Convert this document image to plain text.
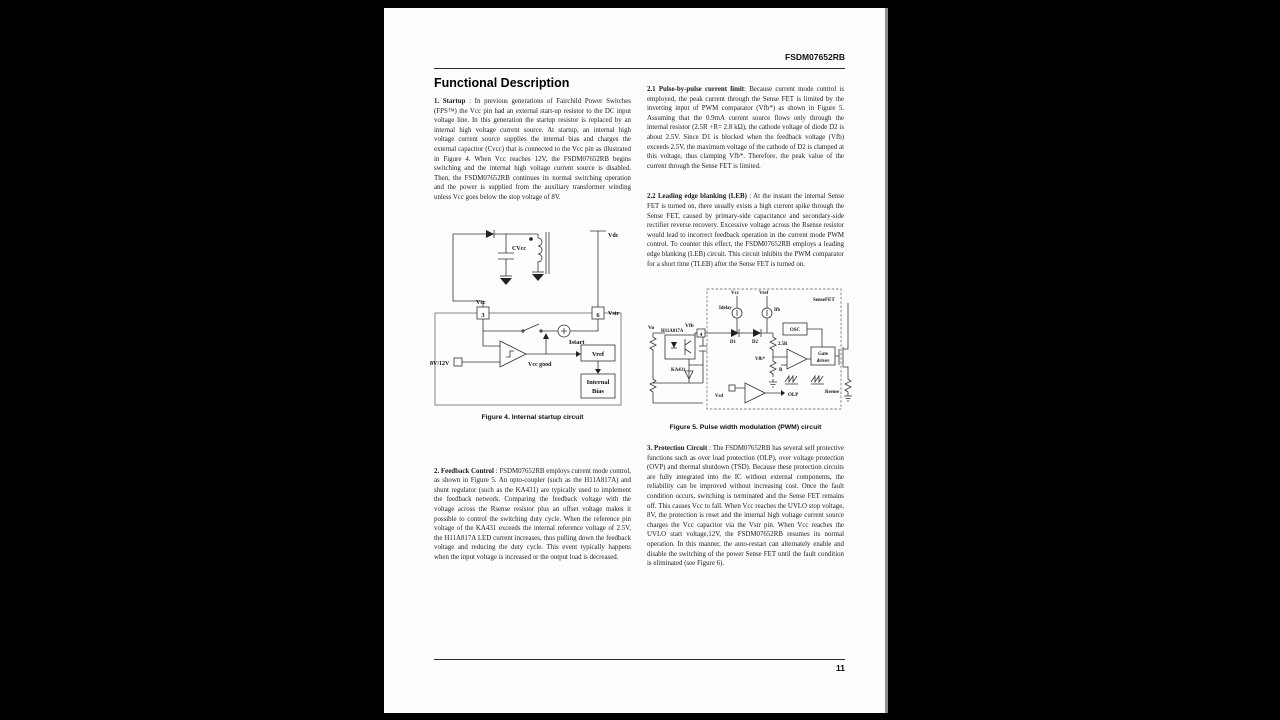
FSDM07652RB
Functional Description

1. Startup : In previous generations of Fairchild Power Switches (FPS™) the Vcc pin had an external start-up resistor to the DC input voltage line. In this generation the startup resistor is replaced by an internal high voltage current source. At startup, an internal high voltage current source supplies the internal bias and charges the external capacitor (Cvcc) that is connected to the Vcc pin as illustrated in Figure 4. When Vcc reaches 12V, the FSDM07652RB begins switching and the internal high voltage current source is disabled. Then, the FSDM07652RB continues its normal switching operation and the power is supplied from the auxiliary transformer winding unless Vcc goes below the stop voltage of 8V.

CVcc
Vdc
3	6
Vcc
Vstr
Istart
8V/12V	Vcc good
Vref
Internal
Bias
Figure 4. Internal startup circuit

2. Feedback Control : FSDM07652RB employs current mode control, as shown in Figure 5. An opto-coupler (such as the H11A817A) and shunt regulator (such as the KA431) are typically used to implement the feedback network. Comparing the feedback voltage with the voltage across the Rsense resistor plus an offset voltage makes it possible to control the switching duty cycle. When the reference pin voltage of the KA431 exceeds the internal reference voltage of 2.5V, the H11A817A LED current increases, thus pulling down the feedback voltage and reducing the duty cycle. This event typically happens when the input voltage is increased or the output load is decreased.

2.1 Pulse-by-pulse current limit: Because current mode control is employed, the peak current through the Sense FET is limited by the inverting input of PWM comparator (Vfb*) as shown in Figure 5. Assuming that the 0.9mA current source flows only through the internal resistor (2.5R +R= 2.8 kΩ), the cathode voltage of diode D2 is about 2.5V. Since D1 is blocked when the feedback voltage (Vfb) exceeds 2.5V, the maximum voltage of the cathode of D2 is clamped at this voltage, thus clamping Vfb*. Therefore, the peak value of the current through the Sense FET is limited.

2.2 Leading edge blanking (LEB) : At the instant the internal Sense FET is turned on, there usually exists a high current spike through the Sense FET, caused by primary-side capacitance and secondary-side rectifier reverse recovery. Excessive voltage across the Rsense resistor would lead to incorrect feedback operation in the current mode PWM control. To counter this effect, the FSDM07652RB employs a leading edge blanking (LEB) circuit. This circuit inhibits the PWM comparator for a short time (TLEB) after the Sense FET is turned on.

Vo
H11A817A
4
Vfb
KA431
Vcc	Vref
Idelay	Ifb
D1	D2	2.5R
R
Vfb*
OSC
Gate
driver
SenseFET
Rsense
Vsd	OLP
Figure 5. Pulse width modulation (PWM) circuit

3. Protection Circuit : The FSDM07652RB has several self protective functions such as over load protection (OLP), over voltage protection (OVP) and thermal shutdown (TSD). Because these protection circuits are fully integrated into the IC without external components, the reliability can be improved without increasing cost. Once the fault condition occurs, switching is terminated and the Sense FET remains off. This causes Vcc to fall. When Vcc reaches the UVLO stop voltage, 8V, the protection is reset and the internal high voltage current source charges the Vcc capacitor via the Vstr pin. When Vcc reaches the UVLO start voltage,12V, the FSDM07652RB resumes its normal operation. In this manner, the auto-restart can alternately enable and disable the switching of the power Sense FET until the fault condition is eliminated (see Figure 6).

11
